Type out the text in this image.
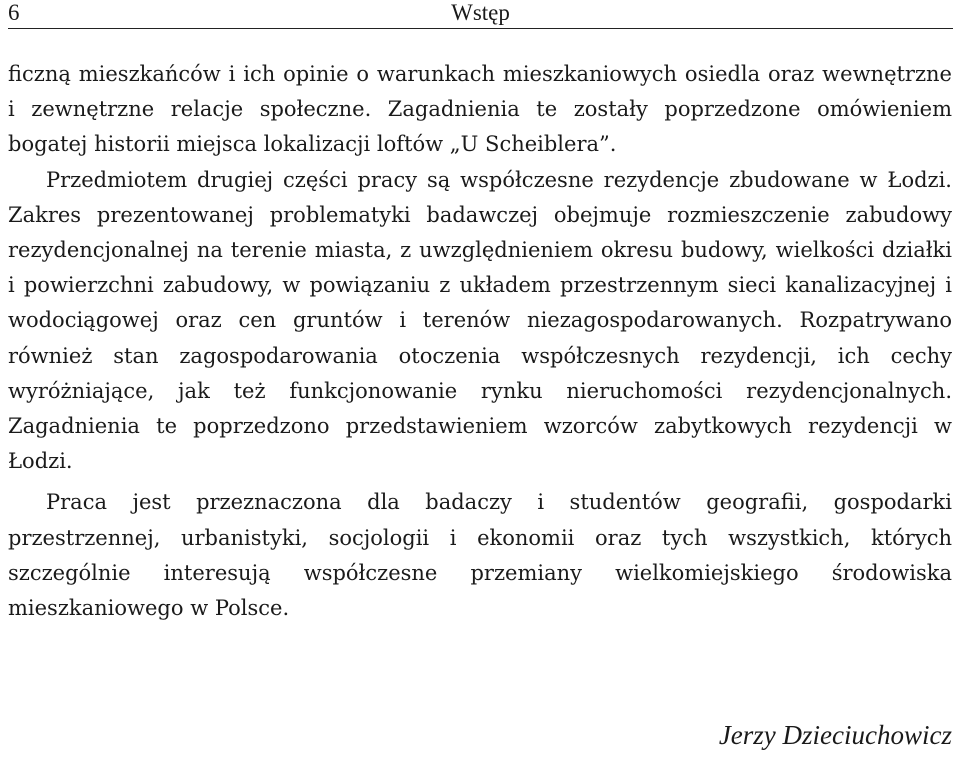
6	Wstęp

ficzną mieszkańców i ich opinie o warunkach mieszkaniowych osiedla oraz wewnętrzne i zewnętrzne relacje społeczne. Zagadnienia te zostały poprzedzone omówieniem bogatej historii miejsca lokalizacji loftów „U Scheiblera”.

Przedmiotem drugiej części pracy są współczesne rezydencje zbudowane w Łodzi. Zakres prezentowanej problematyki badawczej obejmuje rozmieszczenie zabudowy rezydencjonalnej na terenie miasta, z uwzględnieniem okresu budowy, wielkości działki i powierzchni zabudowy, w powiązaniu z układem przestrzennym sieci kanalizacyjnej i wodociągowej oraz cen gruntów i terenów niezagospodarowanych. Rozpatrywano również stan zagospodarowania otoczenia współczesnych rezydencji, ich cechy wyróżniające, jak też funkcjonowanie rynku nieruchomości rezydencjonalnych. Zagadnienia te poprzedzono przedstawieniem wzorców zabytkowych rezydencji w Łodzi.

Praca jest przeznaczona dla badaczy i studentów geografii, gospodarki przestrzennej, urbanistyki, socjologii i ekonomii oraz tych wszystkich, których szczególnie interesują współczesne przemiany wielkomiejskiego środowiska mieszkaniowego w Polsce.

Jerzy Dzieciuchowicz
